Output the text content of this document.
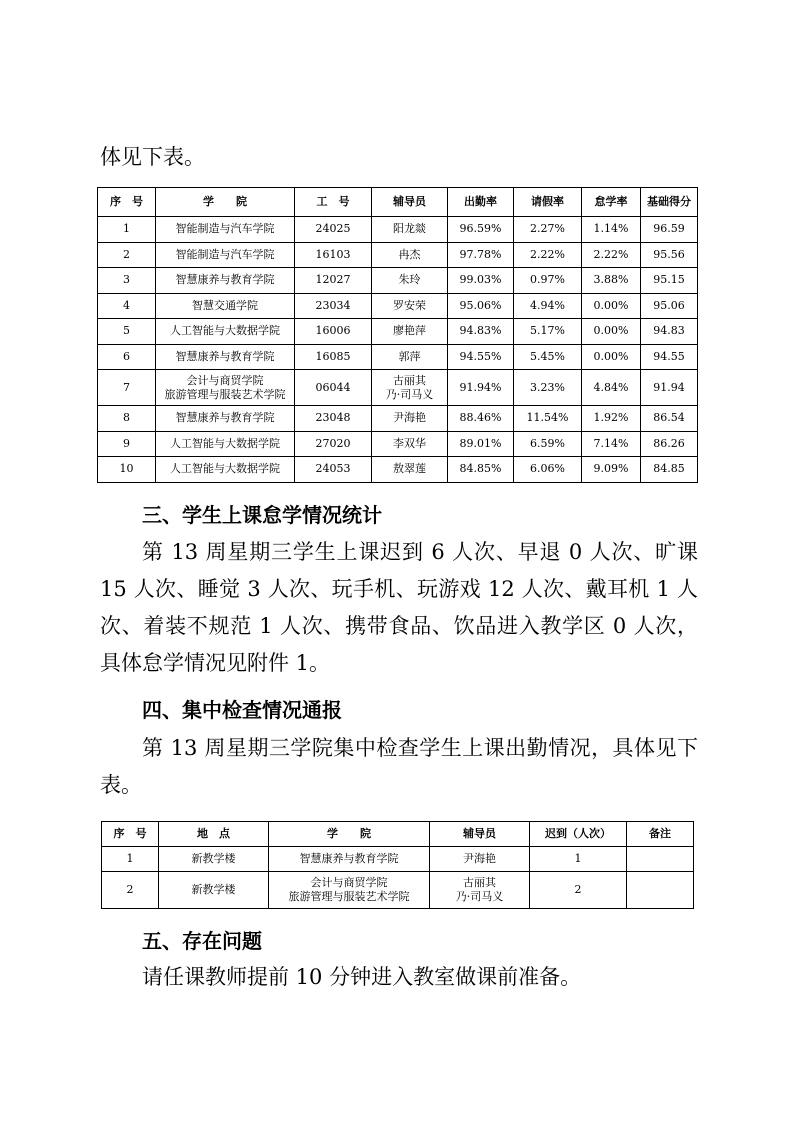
体见下表。
序　号	学　　院	工　号	辅导员	出勤率	请假率	怠学率	基础得分
1	智能制造与汽车学院	24025	阳龙燚	96.59%	2.27%	1.14%	96.59
2	智能制造与汽车学院	16103	冉杰	97.78%	2.22%	2.22%	95.56
3	智慧康养与教育学院	12027	朱玲	99.03%	0.97%	3.88%	95.15
4	智慧交通学院	23034	罗安荣	95.06%	4.94%	0.00%	95.06
5	人工智能与大数据学院	16006	廖艳萍	94.83%	5.17%	0.00%	94.83
6	智慧康养与教育学院	16085	郭萍	94.55%	5.45%	0.00%	94.55
7	会计与商贸学院
旅游管理与服装艺术学院	06044	古丽其
乃·司马义	91.94%	3.23%	4.84%	91.94
8	智慧康养与教育学院	23048	尹海艳	88.46%	11.54%	1.92%	86.54
9	人工智能与大数据学院	27020	李双华	89.01%	6.59%	7.14%	86.26
10	人工智能与大数据学院	24053	敖翠莲	84.85%	6.06%	9.09%	84.85
三、学生上课怠学情况统计
第 13 周星期三学生上课迟到 6 人次、早退 0 人次、旷课 15 人次、睡觉 3 人次、玩手机、玩游戏 12 人次、戴耳机 1 人次、着装不规范 1 人次、携带食品、饮品进入教学区 0 人次，具体怠学情况见附件 1。
四、集中检查情况通报
第 13 周星期三学院集中检查学生上课出勤情况，具体见下表。
序　号	地　点	学　　院	辅导员	迟到（人次）	备注
1	新教学楼	智慧康养与教育学院	尹海艳	1	
2	新教学楼	会计与商贸学院
旅游管理与服装艺术学院	古丽其
乃·司马义	2	
五、存在问题
请任课教师提前 10 分钟进入教室做课前准备。
